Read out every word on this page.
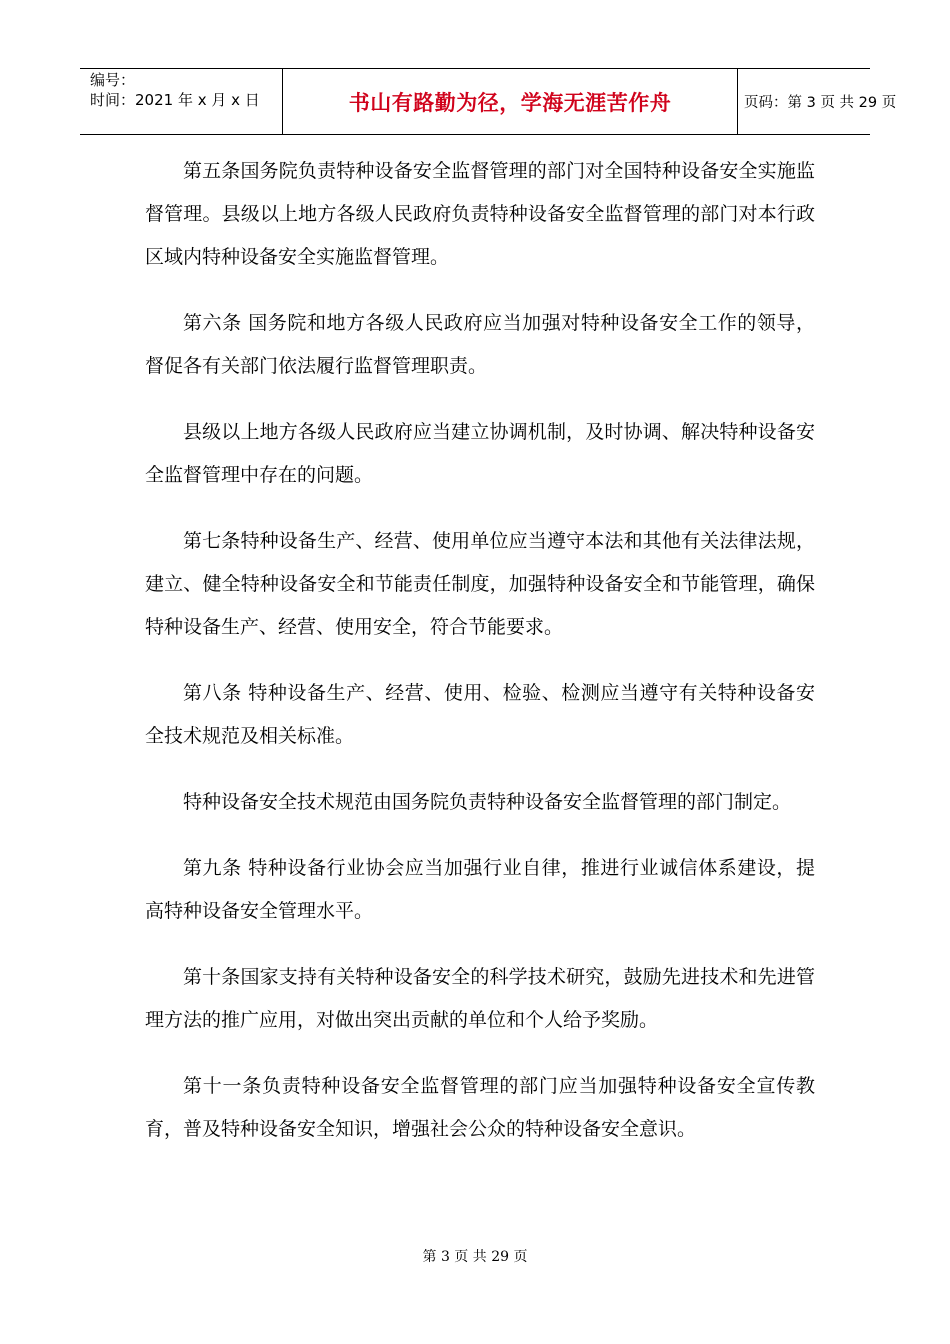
编号：
时间：2021 年 x 月 x 日	书山有路勤为径，学海无涯苦作舟	页码：第 3 页 共 29 页

第五条国务院负责特种设备安全监督管理的部门对全国特种设备安全实施监督管理。县级以上地方各级人民政府负责特种设备安全监督管理的部门对本行政区域内特种设备安全实施监督管理。

第六条 国务院和地方各级人民政府应当加强对特种设备安全工作的领导，督促各有关部门依法履行监督管理职责。

县级以上地方各级人民政府应当建立协调机制，及时协调、解决特种设备安全监督管理中存在的问题。

第七条特种设备生产、经营、使用单位应当遵守本法和其他有关法律法规，建立、健全特种设备安全和节能责任制度，加强特种设备安全和节能管理，确保特种设备生产、经营、使用安全，符合节能要求。

第八条 特种设备生产、经营、使用、检验、检测应当遵守有关特种设备安全技术规范及相关标准。

特种设备安全技术规范由国务院负责特种设备安全监督管理的部门制定。

第九条 特种设备行业协会应当加强行业自律，推进行业诚信体系建设，提高特种设备安全管理水平。

第十条国家支持有关特种设备安全的科学技术研究，鼓励先进技术和先进管理方法的推广应用，对做出突出贡献的单位和个人给予奖励。

第十一条负责特种设备安全监督管理的部门应当加强特种设备安全宣传教育，普及特种设备安全知识，增强社会公众的特种设备安全意识。

第 3 页 共 29 页
